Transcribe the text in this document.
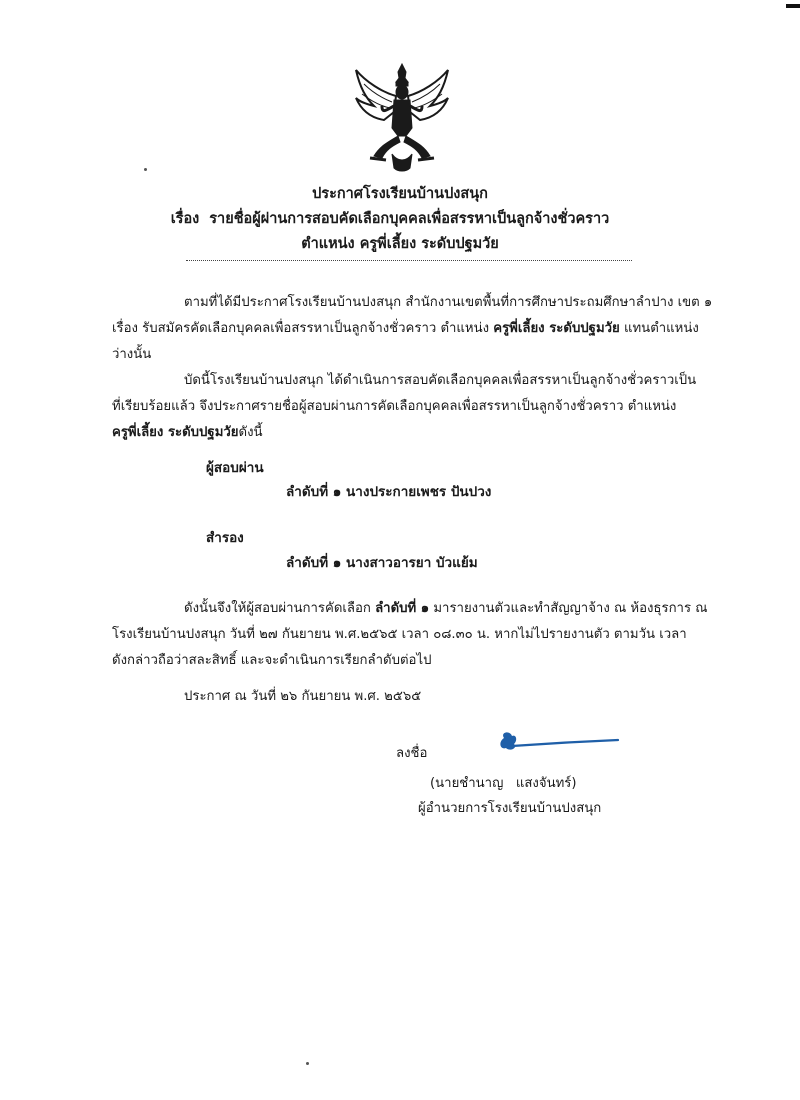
ประกาศโรงเรียนบ้านปงสนุก
เรื่อง รายชื่อผู้ผ่านการสอบคัดเลือกบุคคลเพื่อสรรหาเป็นลูกจ้างชั่วคราว
ตำแหน่ง ครูพี่เลี้ยง ระดับปฐมวัย
ตามที่ได้มีประกาศโรงเรียนบ้านปงสนุก สำนักงานเขตพื้นที่การศึกษาประถมศึกษาลำปาง เขต ๑
เรื่อง รับสมัครคัดเลือกบุคคลเพื่อสรรหาเป็นลูกจ้างชั่วคราว ตำแหน่ง ครูพี่เลี้ยง ระดับปฐมวัย แทนตำแหน่ง
ว่างนั้น
บัดนี้โรงเรียนบ้านปงสนุก ได้ดำเนินการสอบคัดเลือกบุคคลเพื่อสรรหาเป็นลูกจ้างชั่วคราวเป็น
ที่เรียบร้อยแล้ว จึงประกาศรายชื่อผู้สอบผ่านการคัดเลือกบุคคลเพื่อสรรหาเป็นลูกจ้างชั่วคราว ตำแหน่ง
ครูพี่เลี้ยง ระดับปฐมวัยดังนี้
ผู้สอบผ่าน
ลำดับที่ ๑ นางประกายเพชร ปันปวง
สำรอง
ลำดับที่ ๑ นางสาวอารยา บัวแย้ม
ดังนั้นจึงให้ผู้สอบผ่านการคัดเลือก ลำดับที่ ๑ มารายงานตัวและทำสัญญาจ้าง ณ ห้องธุรการ ณ
โรงเรียนบ้านปงสนุก วันที่ ๒๗ กันยายน พ.ศ.๒๕๖๕ เวลา ๐๘.๓๐ น. หากไม่ไปรายงานตัว ตามวัน เวลา
ดังกล่าวถือว่าสละสิทธิ์ และจะดำเนินการเรียกลำดับต่อไป
ประกาศ ณ วันที่ ๒๖ กันยายน พ.ศ. ๒๕๖๕
ลงชื่อ
(นายชำนาญ   แสงจันทร์)
ผู้อำนวยการโรงเรียนบ้านปงสนุก
